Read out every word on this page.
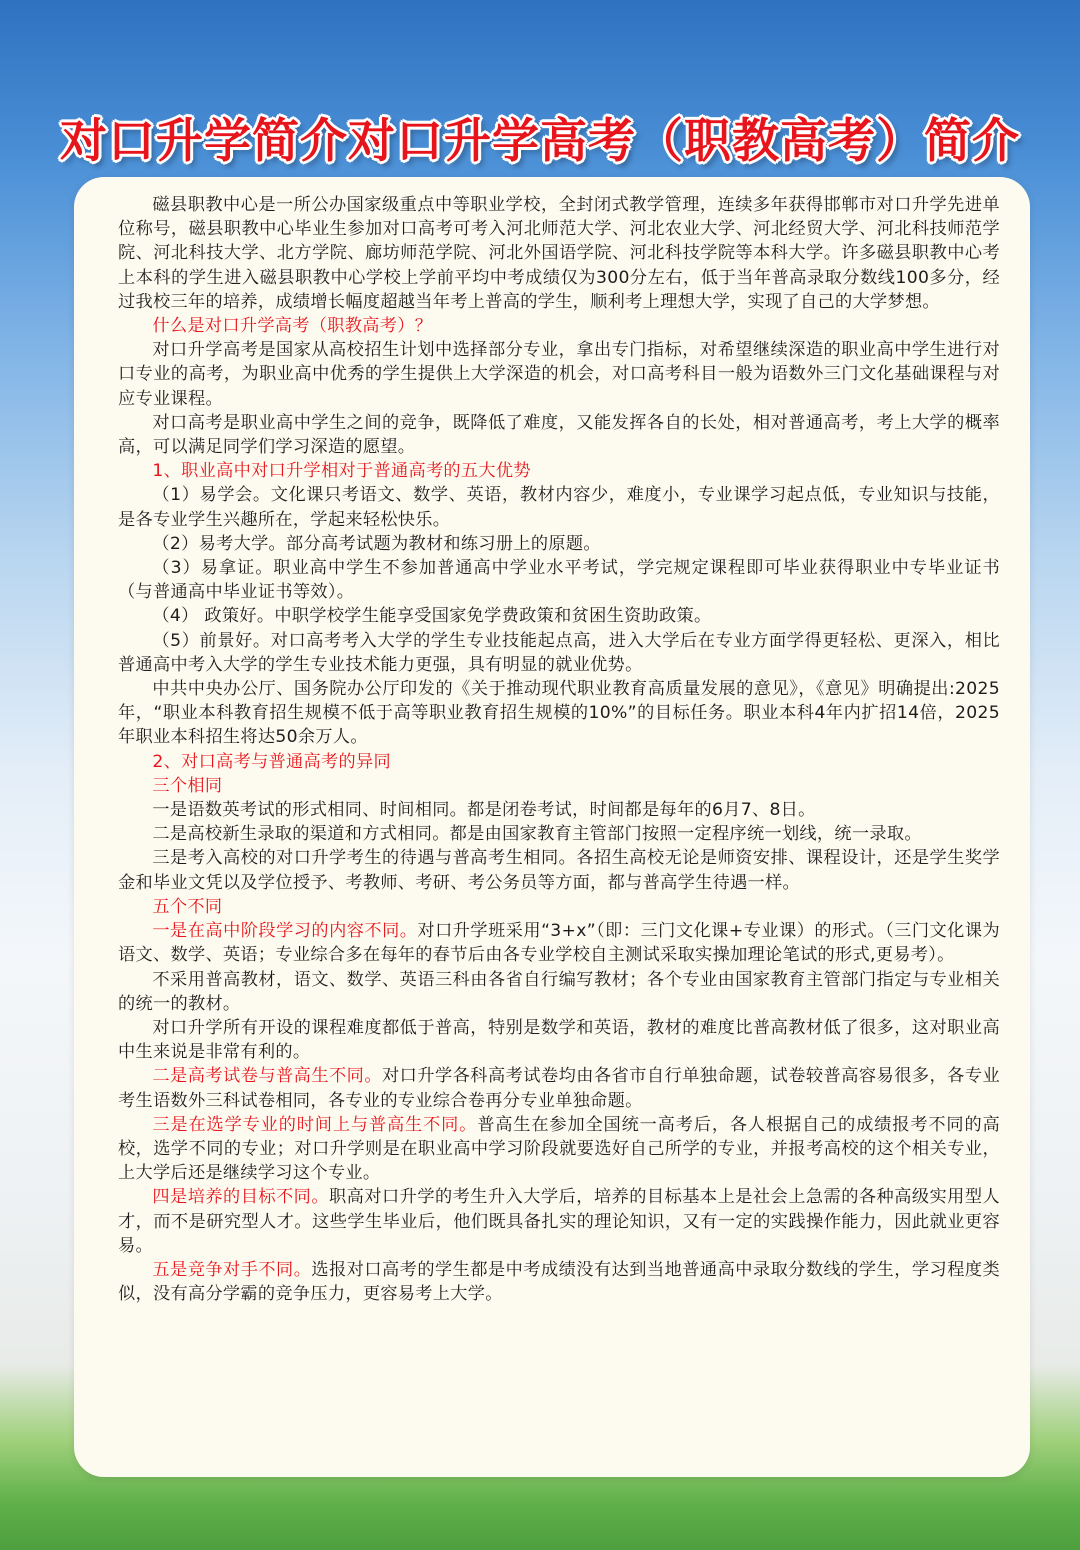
对口升学简介对口升学高考（职教高考）简介

磁县职教中心是一所公办国家级重点中等职业学校，全封闭式教学管理，连续多年获得邯郸市对口升学先进单位称号，磁县职教中心毕业生参加对口高考可考入河北师范大学、河北农业大学、河北经贸大学、河北科技师范学院、河北科技大学、北方学院、廊坊师范学院、河北外国语学院、河北科技学院等本科大学。许多磁县职教中心考上本科的学生进入磁县职教中心学校上学前平均中考成绩仅为300分左右，低于当年普高录取分数线100多分，经过我校三年的培养，成绩增长幅度超越当年考上普高的学生，顺利考上理想大学，实现了自己的大学梦想。

什么是对口升学高考（职教高考）？

对口升学高考是国家从高校招生计划中选择部分专业，拿出专门指标，对希望继续深造的职业高中学生进行对口专业的高考，为职业高中优秀的学生提供上大学深造的机会，对口高考科目一般为语数外三门文化基础课程与对应专业课程。

对口高考是职业高中学生之间的竞争，既降低了难度，又能发挥各自的长处，相对普通高考，考上大学的概率高，可以满足同学们学习深造的愿望。

1、职业高中对口升学相对于普通高考的五大优势

（1）易学会。文化课只考语文、数学、英语，教材内容少，难度小，专业课学习起点低，专业知识与技能，是各专业学生兴趣所在，学起来轻松快乐。

（2）易考大学。部分高考试题为教材和练习册上的原题。

（3）易拿证。职业高中学生不参加普通高中学业水平考试，学完规定课程即可毕业获得职业中专毕业证书（与普通高中毕业证书等效）。

（4） 政策好。中职学校学生能享受国家免学费政策和贫困生资助政策。

（5）前景好。对口高考考入大学的学生专业技能起点高，进入大学后在专业方面学得更轻松、更深入，相比普通高中考入大学的学生专业技术能力更强，具有明显的就业优势。

中共中央办公厅、国务院办公厅印发的《关于推动现代职业教育高质量发展的意见》，《意见》明确提出:2025年，“职业本科教育招生规模不低于高等职业教育招生规模的10%”的目标任务。职业本科4年内扩招14倍，2025年职业本科招生将达50余万人。

2、对口高考与普通高考的异同

三个相同

一是语数英考试的形式相同、时间相同。都是闭卷考试，时间都是每年的6月7、8日。

二是高校新生录取的渠道和方式相同。都是由国家教育主管部门按照一定程序统一划线，统一录取。

三是考入高校的对口升学考生的待遇与普高考生相同。各招生高校无论是师资安排、课程设计，还是学生奖学金和毕业文凭以及学位授予、考教师、考研、考公务员等方面，都与普高学生待遇一样。

五个不同

一是在高中阶段学习的内容不同。对口升学班采用“3+x”（即：三门文化课+专业课）的形式。（三门文化课为语文、数学、英语；专业综合多在每年的春节后由各专业学校自主测试采取实操加理论笔试的形式,更易考）。

不采用普高教材，语文、数学、英语三科由各省自行编写教材；各个专业由国家教育主管部门指定与专业相关的统一的教材。

对口升学所有开设的课程难度都低于普高，特别是数学和英语，教材的难度比普高教材低了很多，这对职业高中生来说是非常有利的。

二是高考试卷与普高生不同。对口升学各科高考试卷均由各省市自行单独命题，试卷较普高容易很多，各专业考生语数外三科试卷相同，各专业的专业综合卷再分专业单独命题。

三是在选学专业的时间上与普高生不同。普高生在参加全国统一高考后，各人根据自己的成绩报考不同的高校，选学不同的专业；对口升学则是在职业高中学习阶段就要选好自己所学的专业，并报考高校的这个相关专业，上大学后还是继续学习这个专业。

四是培养的目标不同。职高对口升学的考生升入大学后，培养的目标基本上是社会上急需的各种高级实用型人才，而不是研究型人才。这些学生毕业后，他们既具备扎实的理论知识，又有一定的实践操作能力，因此就业更容易。

五是竞争对手不同。选报对口高考的学生都是中考成绩没有达到当地普通高中录取分数线的学生，学习程度类似，没有高分学霸的竞争压力，更容易考上大学。
